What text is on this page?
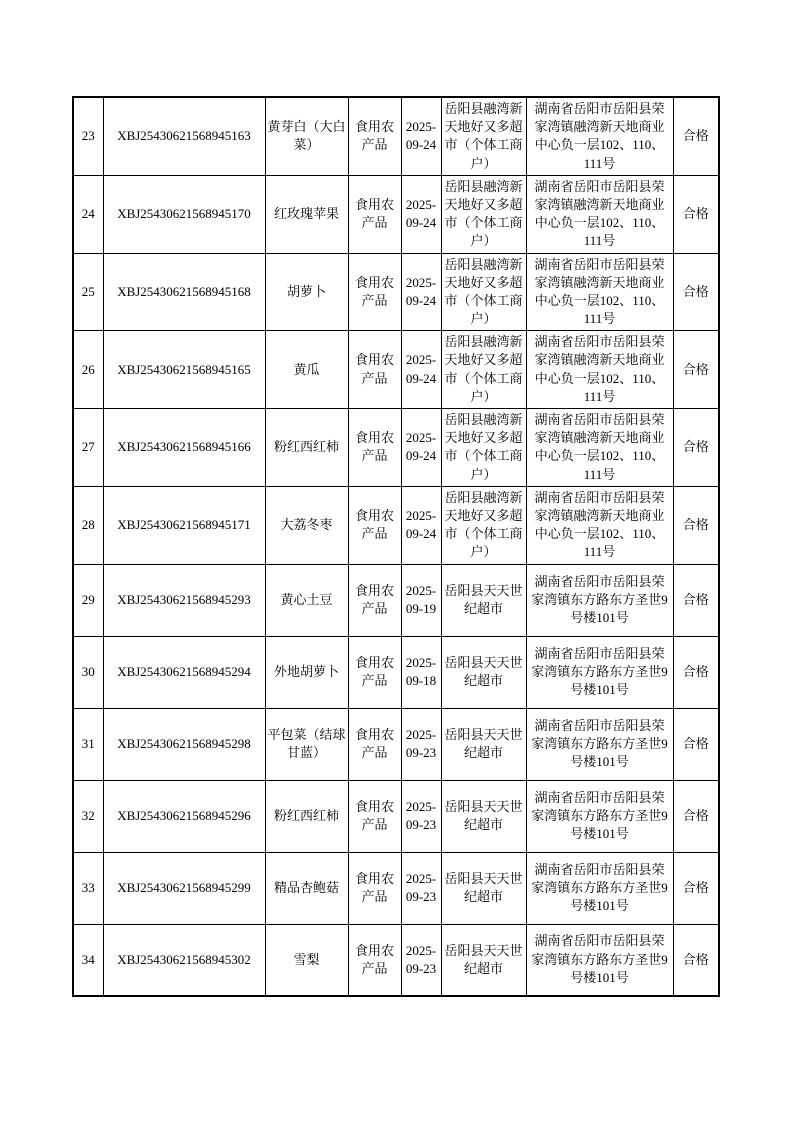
23	XBJ25430621568945163	黄芽白（大白菜）	食用农产品	2025-09-24	岳阳县融湾新天地好又多超市（个体工商户）	湖南省岳阳市岳阳县荣家湾镇融湾新天地商业中心负一层102、110、111号	合格
24	XBJ25430621568945170	红玫瑰苹果	食用农产品	2025-09-24	岳阳县融湾新天地好又多超市（个体工商户）	湖南省岳阳市岳阳县荣家湾镇融湾新天地商业中心负一层102、110、111号	合格
25	XBJ25430621568945168	胡萝卜	食用农产品	2025-09-24	岳阳县融湾新天地好又多超市（个体工商户）	湖南省岳阳市岳阳县荣家湾镇融湾新天地商业中心负一层102、110、111号	合格
26	XBJ25430621568945165	黄瓜	食用农产品	2025-09-24	岳阳县融湾新天地好又多超市（个体工商户）	湖南省岳阳市岳阳县荣家湾镇融湾新天地商业中心负一层102、110、111号	合格
27	XBJ25430621568945166	粉红西红柿	食用农产品	2025-09-24	岳阳县融湾新天地好又多超市（个体工商户）	湖南省岳阳市岳阳县荣家湾镇融湾新天地商业中心负一层102、110、111号	合格
28	XBJ25430621568945171	大荔冬枣	食用农产品	2025-09-24	岳阳县融湾新天地好又多超市（个体工商户）	湖南省岳阳市岳阳县荣家湾镇融湾新天地商业中心负一层102、110、111号	合格
29	XBJ25430621568945293	黄心土豆	食用农产品	2025-09-19	岳阳县天天世纪超市	湖南省岳阳市岳阳县荣家湾镇东方路东方圣世9号楼101号	合格
30	XBJ25430621568945294	外地胡萝卜	食用农产品	2025-09-18	岳阳县天天世纪超市	湖南省岳阳市岳阳县荣家湾镇东方路东方圣世9号楼101号	合格
31	XBJ25430621568945298	平包菜（结球甘蓝）	食用农产品	2025-09-23	岳阳县天天世纪超市	湖南省岳阳市岳阳县荣家湾镇东方路东方圣世9号楼101号	合格
32	XBJ25430621568945296	粉红西红柿	食用农产品	2025-09-23	岳阳县天天世纪超市	湖南省岳阳市岳阳县荣家湾镇东方路东方圣世9号楼101号	合格
33	XBJ25430621568945299	精品杏鲍菇	食用农产品	2025-09-23	岳阳县天天世纪超市	湖南省岳阳市岳阳县荣家湾镇东方路东方圣世9号楼101号	合格
34	XBJ25430621568945302	雪梨	食用农产品	2025-09-23	岳阳县天天世纪超市	湖南省岳阳市岳阳县荣家湾镇东方路东方圣世9号楼101号	合格
